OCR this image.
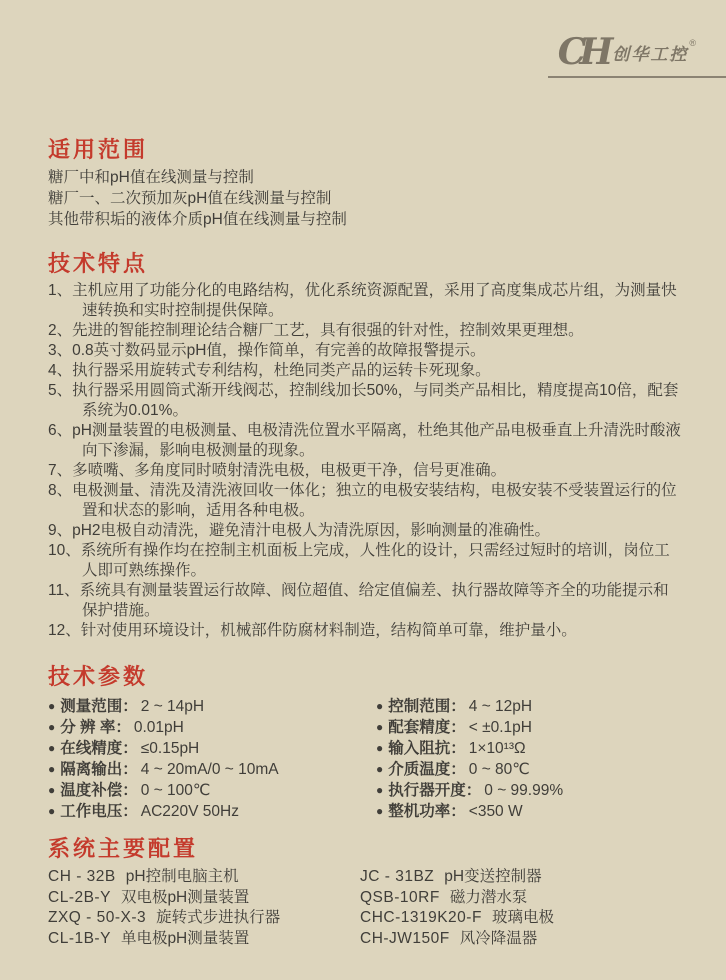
CH 创华工控®
适用范围
糖厂中和pH值在线测量与控制
糖厂一、二次预加灰pH值在线测量与控制
其他带积垢的液体介质pH值在线测量与控制
技术特点
1、主机应用了功能分化的电路结构，优化系统资源配置，采用了高度集成芯片组，为测量快速转换和实时控制提供保障。
2、先进的智能控制理论结合糖厂工艺，具有很强的针对性，控制效果更理想。
3、0.8英寸数码显示pH值，操作简单，有完善的故障报警提示。
4、执行器采用旋转式专利结构，杜绝同类产品的运转卡死现象。
5、执行器采用圆筒式渐开线阀芯，控制线加长50%，与同类产品相比，精度提高10倍，配套系统为0.01%。
6、pH测量装置的电极测量、电极清洗位置水平隔离，杜绝其他产品电极垂直上升清洗时酸液向下渗漏，影响电极测量的现象。
7、多喷嘴、多角度同时喷射清洗电极，电极更干净，信号更准确。
8、电极测量、清洗及清洗液回收一体化；独立的电极安装结构，电极安装不受装置运行的位置和状态的影响，适用各种电极。
9、pH2电极自动清洗，避免清汁电极人为清洗原因，影响测量的准确性。
10、系统所有操作均在控制主机面板上完成，人性化的设计，只需经过短时的培训，岗位工人即可熟练操作。
11、系统具有测量装置运行故障、阀位超值、给定值偏差、执行器故障等齐全的功能提示和保护措施。
12、针对使用环境设计，机械部件防腐材料制造，结构简单可靠，维护量小。
技术参数
● 测量范围： 2 ~ 14pH
● 分 辨 率： 0.01pH
● 在线精度： ≤0.15pH
● 隔离输出： 4 ~ 20mA/0 ~ 10mA
● 温度补偿： 0 ~ 100℃
● 工作电压： AC220V 50Hz
● 控制范围： 4 ~ 12pH
● 配套精度： < ±0.1pH
● 输入阻抗： 1×10¹³Ω
● 介质温度： 0 ~ 80℃
● 执行器开度： 0 ~ 99.99%
● 整机功率： <350 W
系统主要配置
CH - 32B pH控制电脑主机
CL-2B-Y 双电极pH测量装置
ZXQ - 50-X-3 旋转式步进执行器
CL-1B-Y 单电极pH测量装置
JC - 31BZ pH变送控制器
QSB-10RF 磁力潜水泵
CHC-1319K20-F 玻璃电极
CH-JW150F 风冷降温器
